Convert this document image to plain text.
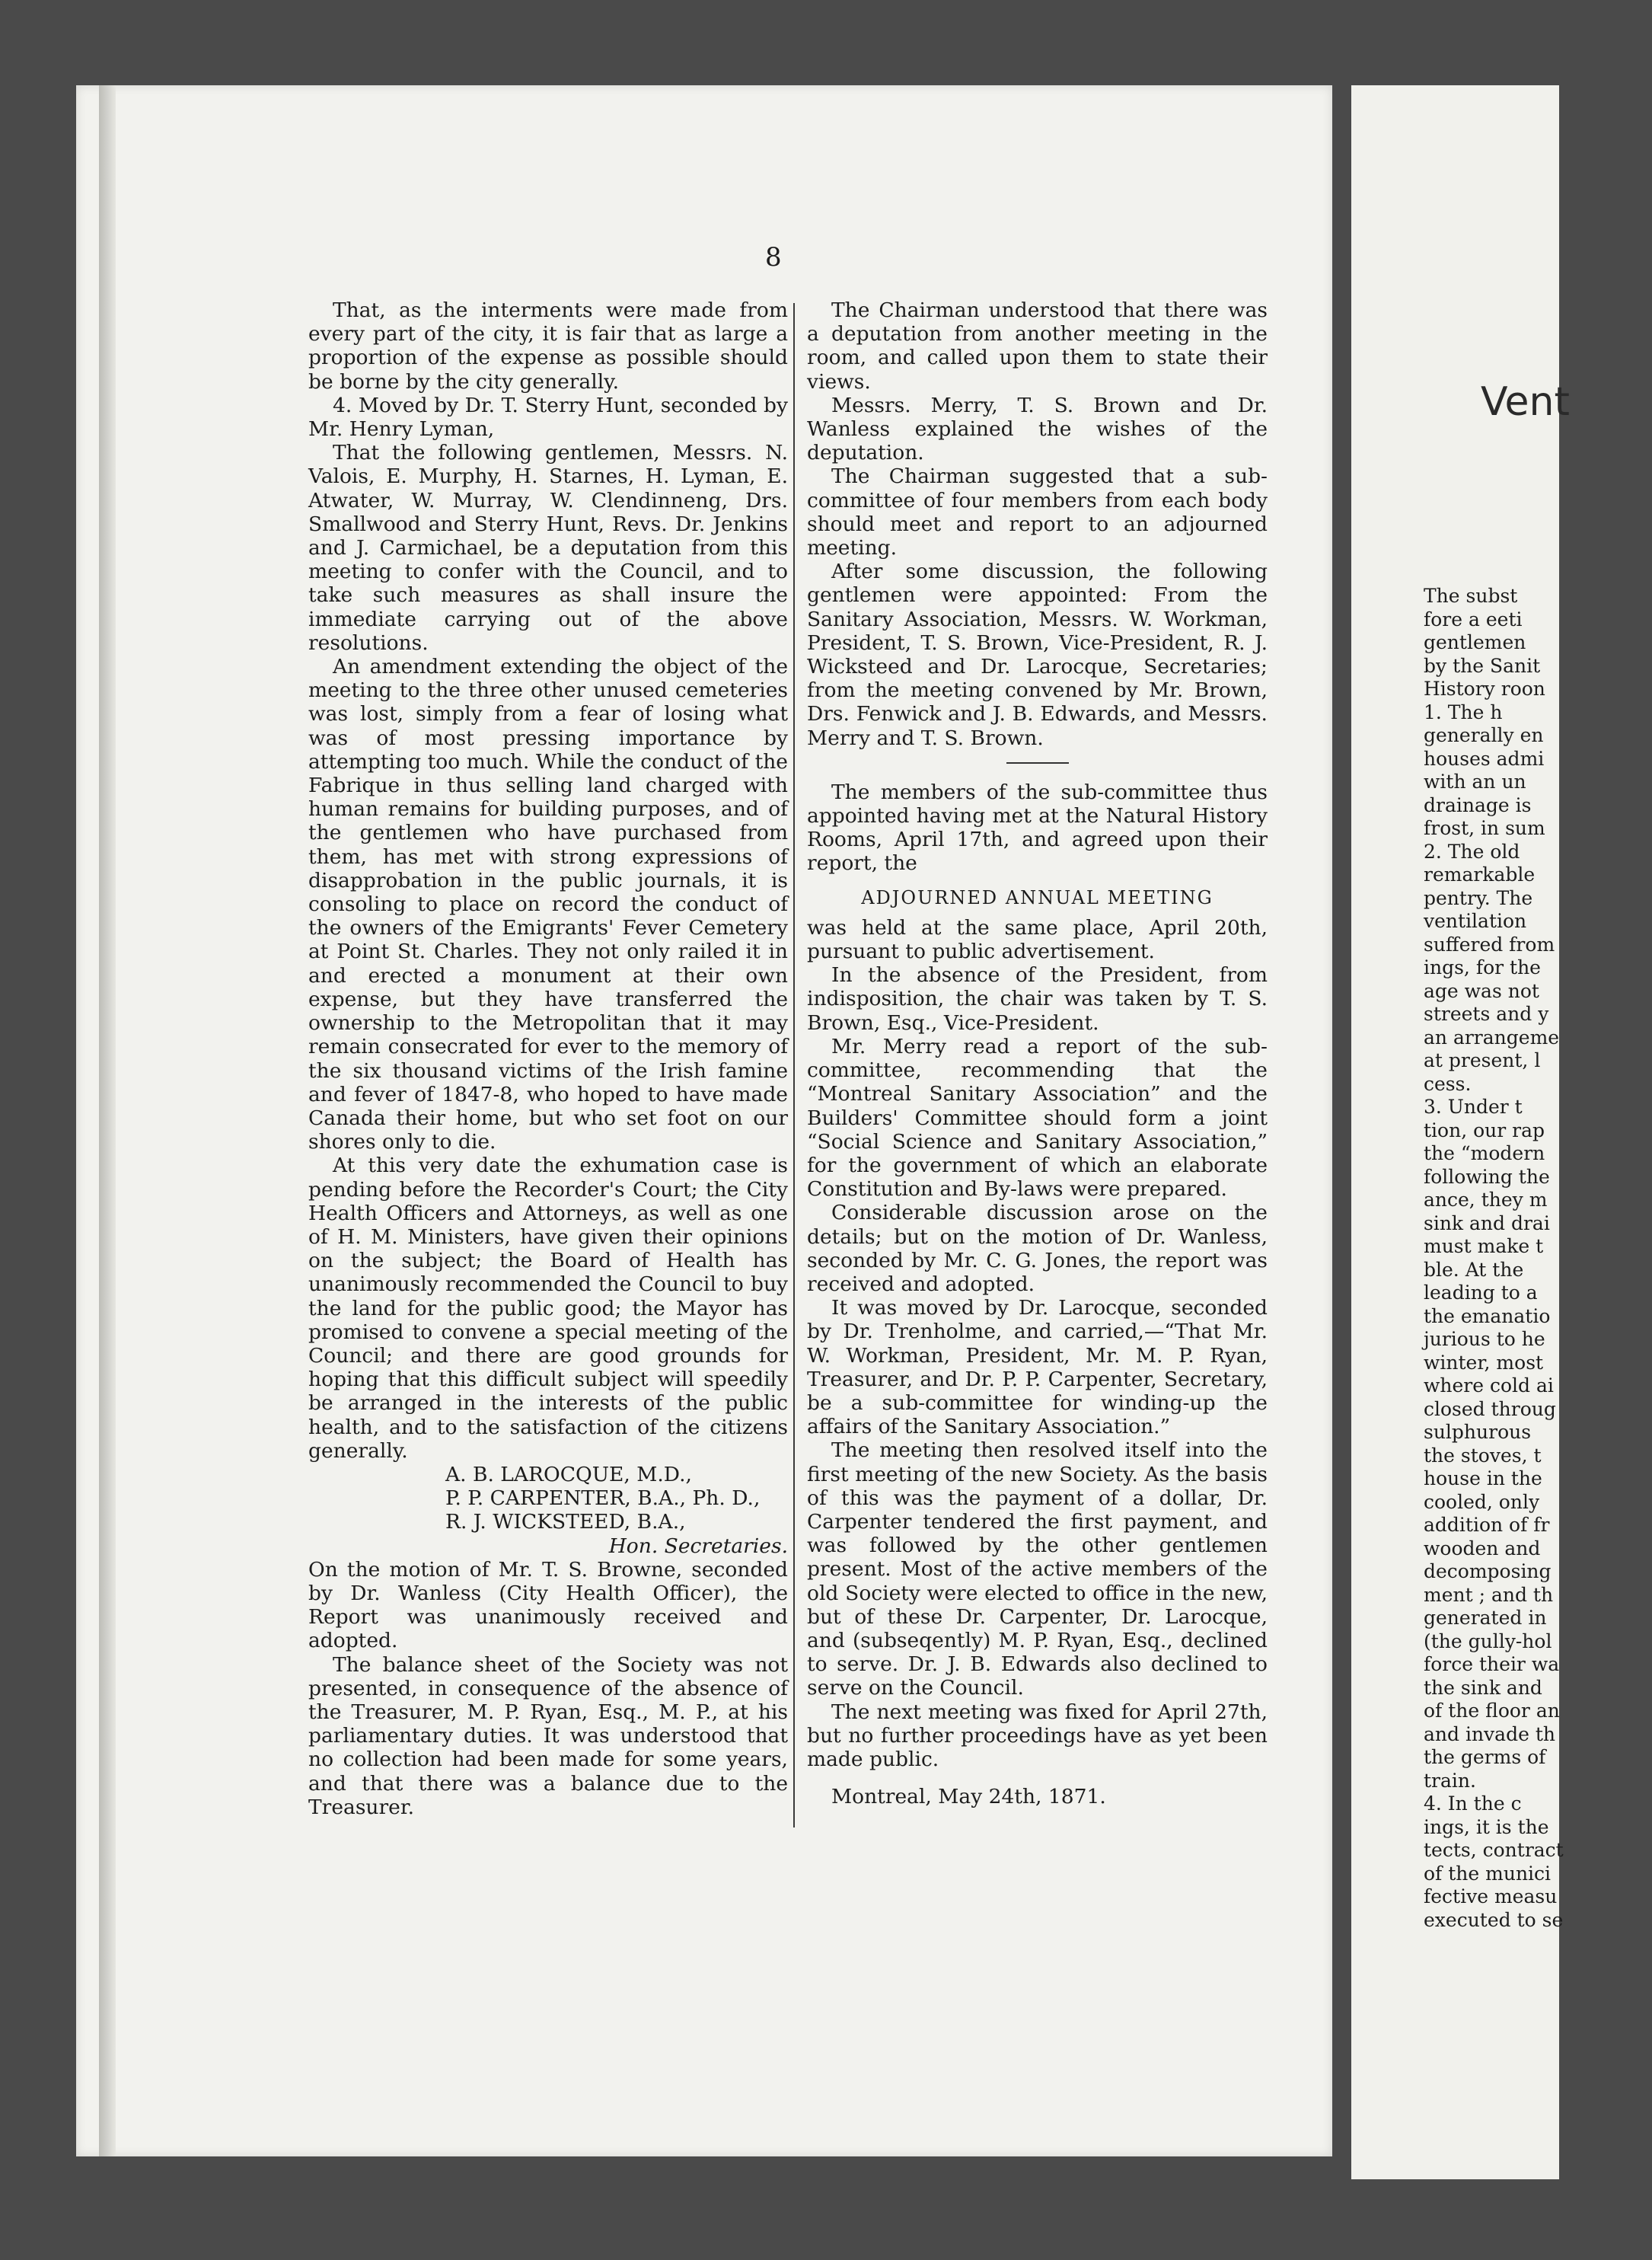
8

That, as the interments were made from every part of the city, it is fair that as large a proportion of the expense as possible should be borne by the city generally.

4. Moved by Dr. T. Sterry Hunt, seconded by Mr. Henry Lyman,

That the following gentlemen, Messrs. N. Valois, E. Murphy, H. Starnes, H. Lyman, E. Atwater, W. Murray, W. Clendinneng, Drs. Smallwood and Sterry Hunt, Revs. Dr. Jenkins and J. Carmichael, be a deputation from this meeting to confer with the Council, and to take such measures as shall insure the immediate carrying out of the above resolutions.

An amendment extending the object of the meeting to the three other unused cemeteries was lost, simply from a fear of losing what was of most pressing importance by attempting too much. While the conduct of the Fabrique in thus selling land charged with human remains for building purposes, and of the gentlemen who have purchased from them, has met with strong expressions of disapprobation in the public journals, it is consoling to place on record the conduct of the owners of the Emigrants' Fever Cemetery at Point St. Charles. They not only railed it in and erected a monument at their own expense, but they have transferred the ownership to the Metropolitan that it may remain consecrated for ever to the memory of the six thousand victims of the Irish famine and fever of 1847-8, who hoped to have made Canada their home, but who set foot on our shores only to die.

At this very date the exhumation case is pending before the Recorder's Court; the City Health Officers and Attorneys, as well as one of H. M. Ministers, have given their opinions on the subject; the Board of Health has unanimously recommended the Council to buy the land for the public good; the Mayor has promised to convene a special meeting of the Council; and there are good grounds for hoping that this difficult subject will speedily be arranged in the interests of the public health, and to the satisfaction of the citizens generally.

A. B. LAROCQUE, M.D.,
P. P. CARPENTER, B.A., Ph. D.,
R. J. WICKSTEED, B.A.,
Hon. Secretaries.

On the motion of Mr. T. S. Browne, seconded by Dr. Wanless (City Health Officer), the Report was unanimously received and adopted.

The balance sheet of the Society was not presented, in consequence of the absence of the Treasurer, M. P. Ryan, Esq., M. P., at his parliamentary duties. It was understood that no collection had been made for some years, and that there was a balance due to the Treasurer.

The Chairman understood that there was a deputation from another meeting in the room, and called upon them to state their views.

Messrs. Merry, T. S. Brown and Dr. Wanless explained the wishes of the deputation.

The Chairman suggested that a sub-committee of four members from each body should meet and report to an adjourned meeting.

After some discussion, the following gentlemen were appointed: From the Sanitary Association, Messrs. W. Workman, President, T. S. Brown, Vice-President, R. J. Wicksteed and Dr. Larocque, Secretaries; from the meeting convened by Mr. Brown, Drs. Fenwick and J. B. Edwards, and Messrs. Merry and T. S. Brown.

The members of the sub-committee thus appointed having met at the Natural History Rooms, April 17th, and agreed upon their report, the

ADJOURNED ANNUAL MEETING

was held at the same place, April 20th, pursuant to public advertisement.

In the absence of the President, from indisposition, the chair was taken by T. S. Brown, Esq., Vice-President.

Mr. Merry read a report of the sub-committee, recommending that the “Montreal Sanitary Association” and the Builders' Committee should form a joint “Social Science and Sanitary Association,” for the government of which an elaborate Constitution and By-laws were prepared.

Considerable discussion arose on the details; but on the motion of Dr. Wanless, seconded by Mr. C. G. Jones, the report was received and adopted.

It was moved by Dr. Larocque, seconded by Dr. Trenholme, and carried,—“That Mr. W. Workman, President, Mr. M. P. Ryan, Treasurer, and Dr. P. P. Carpenter, Secretary, be a sub-committee for winding-up the affairs of the Sanitary Association.”

The meeting then resolved itself into the first meeting of the new Society. As the basis of this was the payment of a dollar, Dr. Carpenter tendered the first payment, and was followed by the other gentlemen present. Most of the active members of the old Society were elected to office in the new, but of these Dr. Carpenter, Dr. Larocque, and (subseqently) M. P. Ryan, Esq., declined to serve. Dr. J. B. Edwards also declined to serve on the Council.

The next meeting was fixed for April 27th, but no further proceedings have as yet been made public.

Montreal, May 24th, 1871.
Vent
The subst
fore a eeti
gentlemen
by the Sanit
History roon
1. The h
generally en
houses admi
with an un
drainage is
frost, in sum
2. The old
remarkable
pentry. The
ventilation
suffered from
ings, for the
age was not
streets and y
an arrangeme
at present, l
cess.
3. Under t
tion, our rap
the “modern
following the
ance, they m
sink and drai
must make t
ble. At the
leading to a
the emanatio
jurious to he
winter, most
where cold ai
closed throug
sulphurous
the stoves, t
house in the
cooled, only
addition of fr
wooden and
decomposing
ment ; and th
generated in
(the gully-hol
force their wa
the sink and
of the floor an
and invade th
the germs of
train.
4. In the c
ings, it is the
tects, contract
of the munici
fective measu
executed to se
